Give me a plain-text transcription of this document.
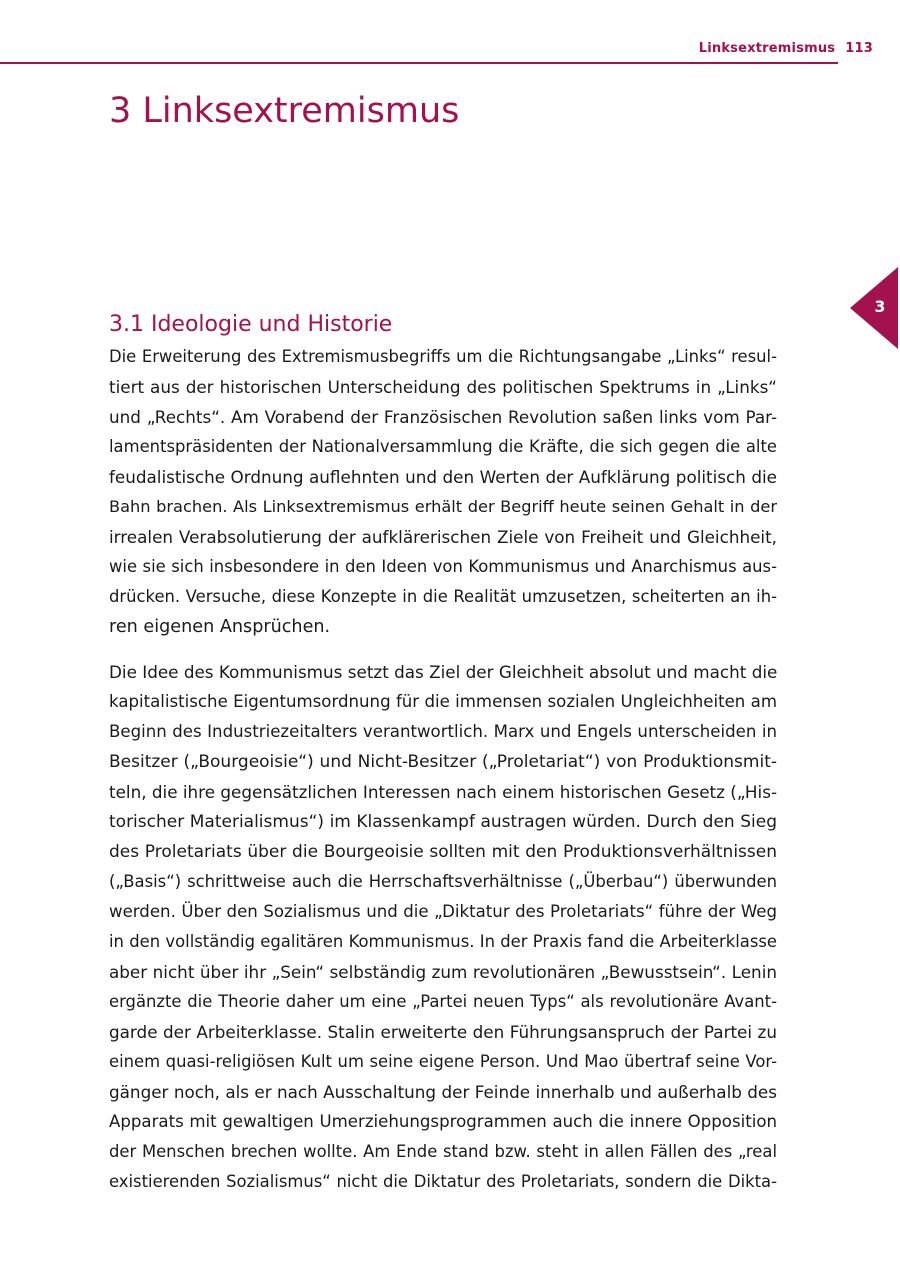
Linksextremismus 113
3 Linksextremismus
3
3.1 Ideologie und Historie
Die Erweiterung des Extremismusbegriffs um die Richtungsangabe „Links“ resul-
tiert aus der historischen Unterscheidung des politischen Spektrums in „Links“
und „Rechts“. Am Vorabend der Französischen Revolution saßen links vom Par-
lamentspräsidenten der Nationalversammlung die Kräfte, die sich gegen die alte
feudalistische Ordnung auflehnten und den Werten der Aufklärung politisch die
Bahn brachen. Als Linksextremismus erhält der Begriff heute seinen Gehalt in der
irrealen Verabsolutierung der aufklärerischen Ziele von Freiheit und Gleichheit,
wie sie sich insbesondere in den Ideen von Kommunismus und Anarchismus aus-
drücken. Versuche, diese Konzepte in die Realität umzusetzen, scheiterten an ih-
ren eigenen Ansprüchen.
Die Idee des Kommunismus setzt das Ziel der Gleichheit absolut und macht die
kapitalistische Eigentumsordnung für die immensen sozialen Ungleichheiten am
Beginn des Industriezeitalters verantwortlich. Marx und Engels unterscheiden in
Besitzer („Bourgeoisie“) und Nicht-Besitzer („Proletariat“) von Produktionsmit-
teln, die ihre gegensätzlichen Interessen nach einem historischen Gesetz („His-
torischer Materialismus“) im Klassenkampf austragen würden. Durch den Sieg
des Proletariats über die Bourgeoisie sollten mit den Produktionsverhältnissen
(„Basis“) schrittweise auch die Herrschaftsverhältnisse („Überbau“) überwunden
werden. Über den Sozialismus und die „Diktatur des Proletariats“ führe der Weg
in den vollständig egalitären Kommunismus. In der Praxis fand die Arbeiterklasse
aber nicht über ihr „Sein“ selbständig zum revolutionären „Bewusstsein“. Lenin
ergänzte die Theorie daher um eine „Partei neuen Typs“ als revolutionäre Avant-
garde der Arbeiterklasse. Stalin erweiterte den Führungsanspruch der Partei zu
einem quasi-religiösen Kult um seine eigene Person. Und Mao übertraf seine Vor-
gänger noch, als er nach Ausschaltung der Feinde innerhalb und außerhalb des
Apparats mit gewaltigen Umerziehungsprogrammen auch die innere Opposition
der Menschen brechen wollte. Am Ende stand bzw. steht in allen Fällen des „real
existierenden Sozialismus“ nicht die Diktatur des Proletariats, sondern die Dikta-
